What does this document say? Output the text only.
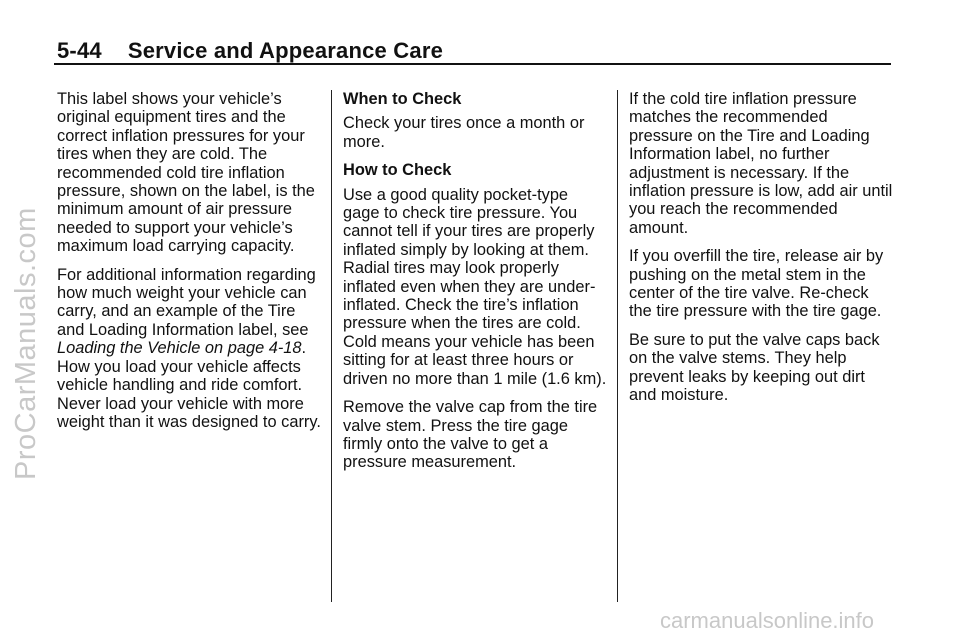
5-44 Service and Appearance Care

This label shows your vehicle’s original equipment tires and the correct inflation pressures for your tires when they are cold. The recommended cold tire inflation pressure, shown on the label, is the minimum amount of air pressure needed to support your vehicle’s maximum load carrying capacity.

For additional information regarding how much weight your vehicle can carry, and an example of the Tire and Loading Information label, see Loading the Vehicle on page 4-18. How you load your vehicle affects vehicle handling and ride comfort. Never load your vehicle with more weight than it was designed to carry.

When to Check

Check your tires once a month or more.

How to Check

Use a good quality pocket-type gage to check tire pressure. You cannot tell if your tires are properly inflated simply by looking at them. Radial tires may look properly inflated even when they are under-inflated. Check the tire’s inflation pressure when the tires are cold. Cold means your vehicle has been sitting for at least three hours or driven no more than 1 mile (1.6 km).

Remove the valve cap from the tire valve stem. Press the tire gage firmly onto the valve to get a pressure measurement.

If the cold tire inflation pressure matches the recommended pressure on the Tire and Loading Information label, no further adjustment is necessary. If the inflation pressure is low, add air until you reach the recommended amount.

If you overfill the tire, release air by pushing on the metal stem in the center of the tire valve. Re-check the tire pressure with the tire gage.

Be sure to put the valve caps back on the valve stems. They help prevent leaks by keeping out dirt and moisture.

ProCarManuals.com
carmanualsonline.info
